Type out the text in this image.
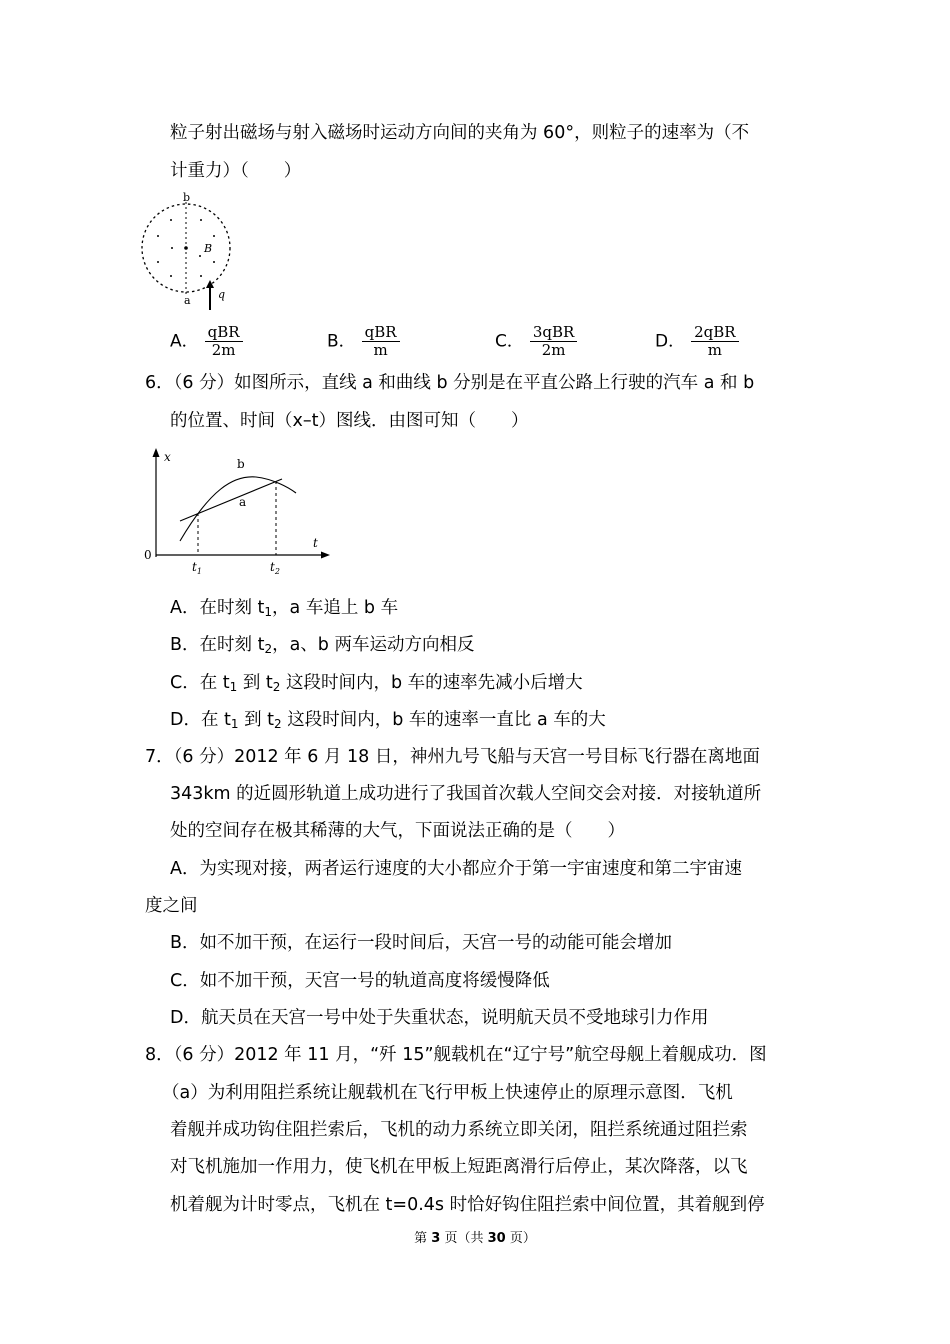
粒子射出磁场与射入磁场时运动方向间的夹角为 60°，则粒子的速率为（不
计重力）（　　）
b
B
a q
A． $\frac{\text{qBR}}{2m}$	B． $\frac{\text{qBR}}{m}$	C． $\frac{\text{3qBR}}{2m}$	D． $\frac{\text{2qBR}}{m}$
6．（6 分）如图所示，直线 a 和曲线 b 分别是在平直公路上行驶的汽车 a 和 b
的位置、时间（x﻿–t）图线．由图可知（　　）
x
t
0
b
a
$t_1$	$t_2$
A．在时刻 $t_1$，a 车追上 b 车
B．在时刻 $t_2$，a、b 两车运动方向相反
C．在 $t_1$ 到 $t_2$ 这段时间内，b 车的速率先减小后增大
D．在 $t_1$ 到 $t_2$ 这段时间内，b 车的速率一直比 a 车的大
7．（6 分）2012 年 6 月 18 日，神州九号飞船与天宫一号目标飞行器在离地面
343km 的近圆形轨道上成功进行了我国首次载人空间交会对接．对接轨道所
处的空间存在极其稀薄的大气，下面说法正确的是（　　）
A．为实现对接，两者运行速度的大小都应介于第一宇宙速度和第二宇宙速
度之间
B．如不加干预，在运行一段时间后，天宫一号的动能可能会增加
C．如不加干预，天宫一号的轨道高度将缓慢降低
D．航天员在天宫一号中处于失重状态，说明航天员不受地球引力作用
8．（6 分）2012 年 11 月，“歼 15”舰载机在“辽宁号”航空母舰上着舰成功．图
（a）为利用阻拦系统让舰载机在飞行甲板上快速停止的原理示意图．飞机
着舰并成功钩住阻拦索后，飞机的动力系统立即关闭，阻拦系统通过阻拦索
对飞机施加一作用力，使飞机在甲板上短距离滑行后停止，某次降落，以飞
机着舰为计时零点，飞机在 t=0.4s 时恰好钩住阻拦索中间位置，其着舰到停
第 3 页（共 30 页）
